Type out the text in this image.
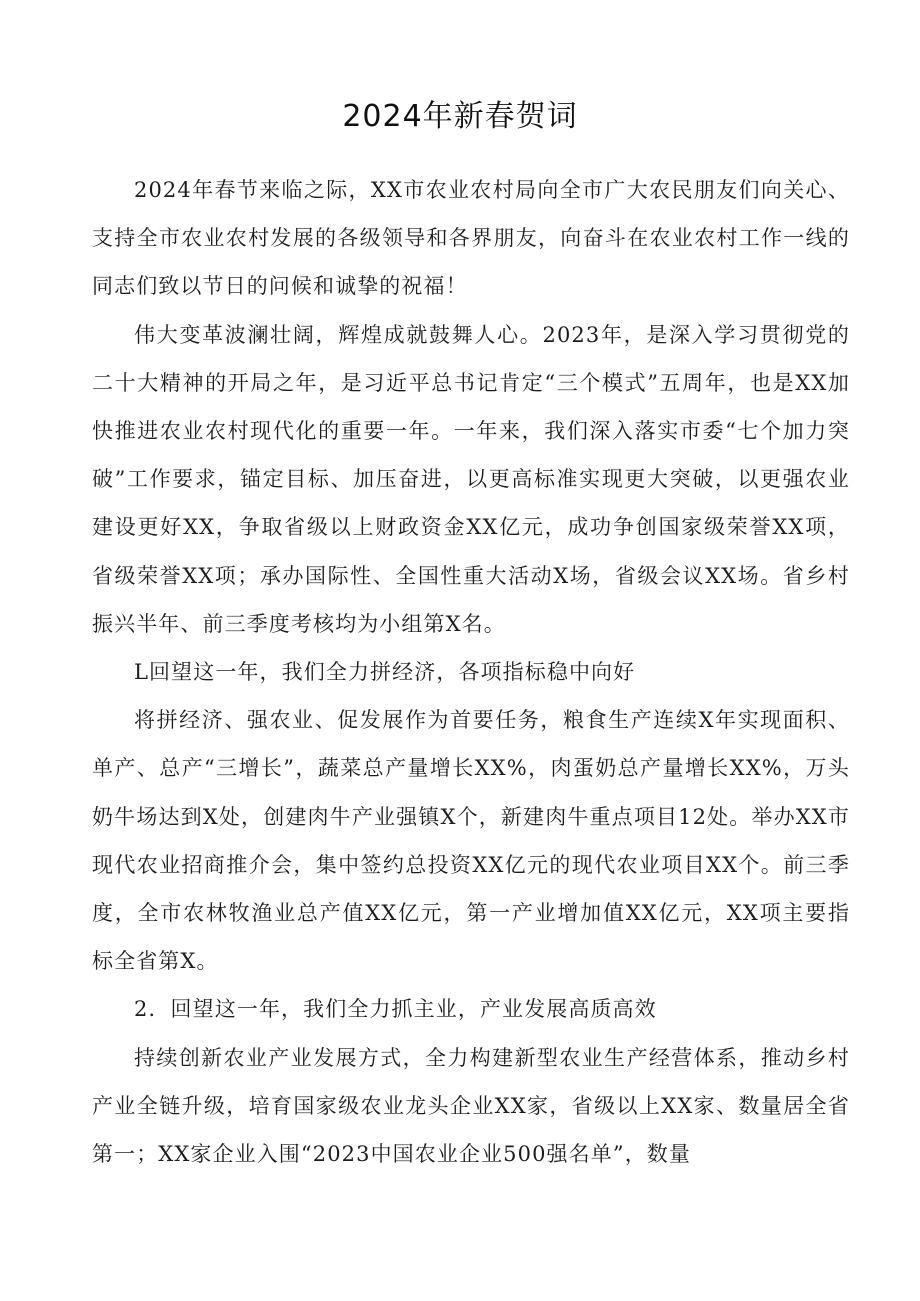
2024年新春贺词

2024年春节来临之际，XX市农业农村局向全市广大农民朋友们向关心、支持全市农业农村发展的各级领导和各界朋友，向奋斗在农业农村工作一线的同志们致以节日的问候和诚挚的祝福！

伟大变革波澜壮阔，辉煌成就鼓舞人心。2023年，是深入学习贯彻党的二十大精神的开局之年，是习近平总书记肯定“三个模式”五周年，也是XX加快推进农业农村现代化的重要一年。一年来，我们深入落实市委“七个加力突破”工作要求，锚定目标、加压奋进，以更高标准实现更大突破，以更强农业建设更好XX，争取省级以上财政资金XX亿元，成功争创国家级荣誉XX项，省级荣誉XX项；承办国际性、全国性重大活动X场，省级会议XX场。省乡村振兴半年、前三季度考核均为小组第X名。

L回望这一年，我们全力拼经济，各项指标稳中向好

将拼经济、强农业、促发展作为首要任务，粮食生产连续X年实现面积、单产、总产“三增长”，蔬菜总产量增长XX%，肉蛋奶总产量增长XX%，万头奶牛场达到X处，创建肉牛产业强镇X个，新建肉牛重点项目12处。举办XX市现代农业招商推介会，集中签约总投资XX亿元的现代农业项目XX个。前三季度，全市农林牧渔业总产值XX亿元，第一产业增加值XX亿元，XX项主要指标全省第X。

2．回望这一年，我们全力抓主业，产业发展高质高效

持续创新农业产业发展方式，全力构建新型农业生产经营体系，推动乡村产业全链升级，培育国家级农业龙头企业XX家，省级以上XX家、数量居全省第一；XX家企业入围“2023中国农业企业500强名单”，数量
